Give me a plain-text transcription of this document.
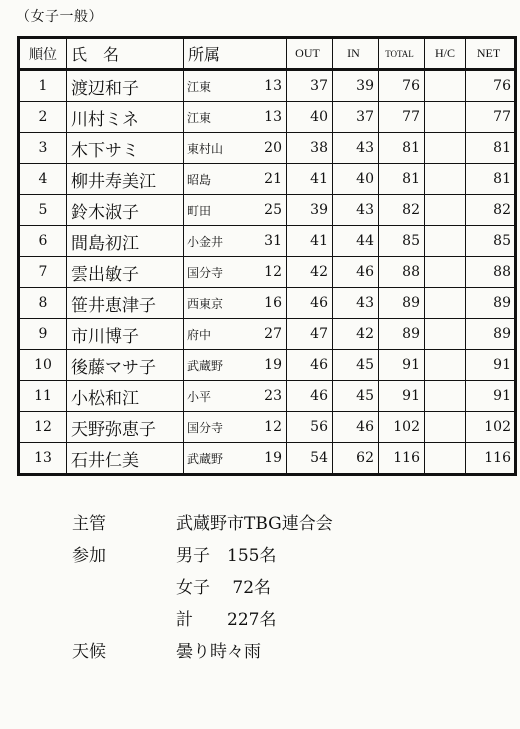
（女子一般）
順位	氏　名	所属	OUT	IN	TOTAL	H/C	NET
1	渡辺和子	江東 13	37	39	76		76
2	川村ミネ	江東 13	40	37	77		77
3	木下サミ	東村山 20	38	43	81		81
4	柳井寿美江	昭島 21	41	40	81		81
5	鈴木淑子	町田 25	39	43	82		82
6	間島初江	小金井 31	41	44	85		85
7	雲出敏子	国分寺 12	42	46	88		88
8	笹井恵津子	西東京 16	46	43	89		89
9	市川博子	府中 27	47	42	89		89
10	後藤マサ子	武蔵野 19	46	45	91		91
11	小松和江	小平 23	46	45	91		91
12	天野弥恵子	国分寺 12	56	46	102		102
13	石井仁美	武蔵野 19	54	62	116		116
主管	武蔵野市TBG連合会
参加	男子　155名
女子　 72名
計　　227名
天候	曇り時々雨
